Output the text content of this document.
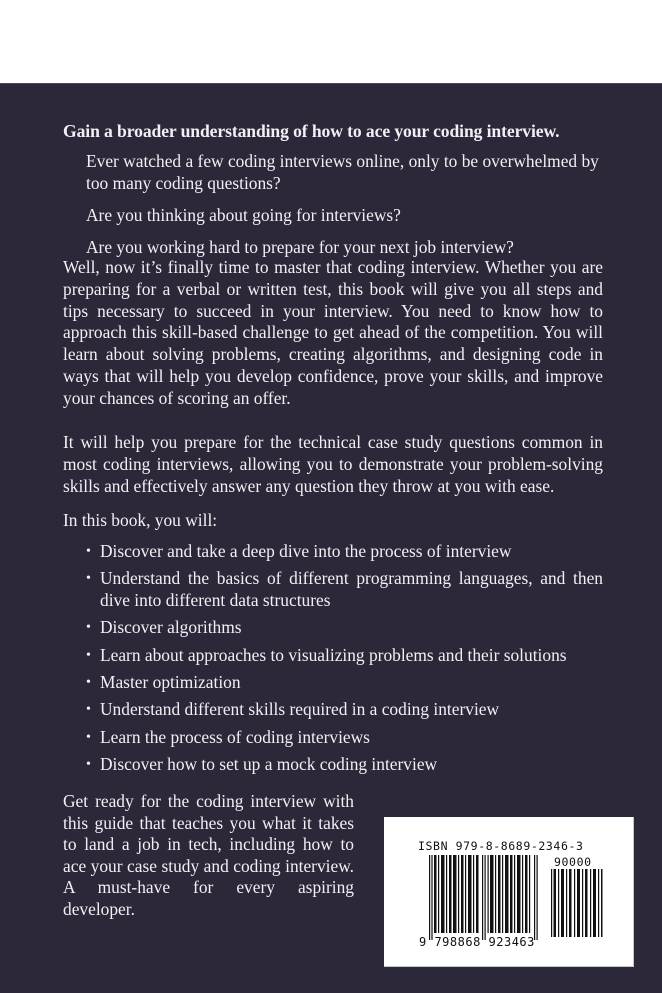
Gain a broader understanding of how to ace your coding interview.

Ever watched a few coding interviews online, only to be overwhelmed by too many coding questions?

Are you thinking about going for interviews?

Are you working hard to prepare for your next job interview?

Well, now it’s finally time to master that coding interview. Whether you are preparing for a verbal or written test, this book will give you all steps and tips necessary to succeed in your interview. You need to know how to approach this skill-based challenge to get ahead of the competition. You will learn about solving problems, creating algorithms, and designing code in ways that will help you develop confidence, prove your skills, and improve your chances of scoring an offer.

It will help you prepare for the technical case study questions common in most coding interviews, allowing you to demonstrate your problem-solving skills and effectively answer any question they throw at you with ease.

In this book, you will:

• Discover and take a deep dive into the process of interview
• Understand the basics of different programming languages, and then dive into different data structures
• Discover algorithms
• Learn about approaches to visualizing problems and their solutions
• Master optimization
• Understand different skills required in a coding interview
• Learn the process of coding interviews
• Discover how to set up a mock coding interview

Get ready for the coding interview with this guide that teaches you what it takes to land a job in tech, including how to ace your case study and coding interview. A must-have for every aspiring developer.

ISBN 979-8-8689-2346-3
90000
9 798868 923463
